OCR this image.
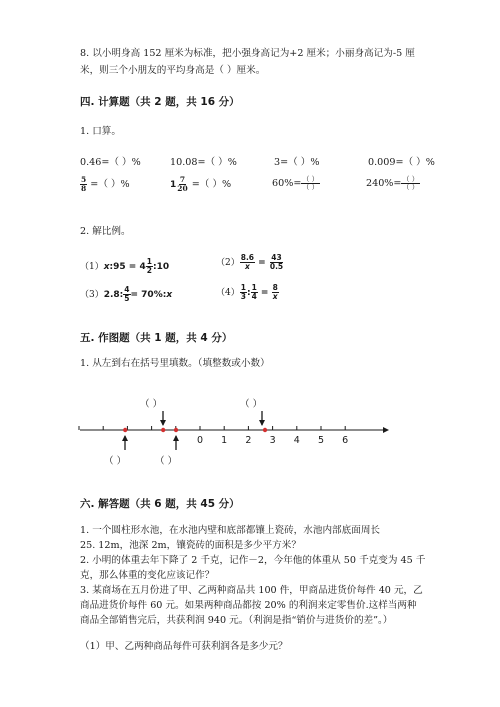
8. 以小明身高 152 厘米为标准，把小强身高记为+2 厘米；小丽身高记为-5 厘
米，则三个小朋友的平均身高是（ ）厘米。
四. 计算题（共 2 题，共 16 分）
1. 口算。
0.46=（ ）%	10.08=（ ）%	3=（ ）%	0.009=（ ）%
$\frac{5}{8}$ =（ ）%	$1 \frac{7}{20}$ =（ ）%	$60\%= \frac{( )}{( )}$	$240\%= \frac{( )}{( )}$
2. 解比例。
（1）x:95 = $4 \frac{1}{2}$ :10	$(2) \frac{8.6}{x} = \frac{43}{0.5}$
（3）2.8: $\frac{4}{5}$ = 70%:x	$(4) \frac{1}{3}$ : $\frac{1}{4} = \frac{8}{x}$
五. 作图题（共 1 题，共 4 分）
1. 从左到右在括号里填数。（填整数或小数）
（ ）	（ ）
（ ）	（ ）
0 1 2 3 4 5 6
六. 解答题（共 6 题，共 45 分）
1. 一个圆柱形水池，在水池内壁和底部都镶上瓷砖，水池内部底面周长
25. 12m，池深 2m，镶瓷砖的面积是多少平方米？
2. 小明的体重去年下降了 2 千克，记作－2，今年他的体重从 50 千克变为 45 千
克，那么体重的变化应该记作？
3. 某商场在五月份进了甲、乙两种商品共 100 件，甲商品进货价每件 40 元，乙
商品进货价每件 60 元。如果两种商品都按 20% 的利润来定零售价.这样当两种
商品全部销售完后，共获利润 940 元。（利润是指“销价与进货价的差”。）
（1）甲、乙两种商品每件可获利润各是多少元？
